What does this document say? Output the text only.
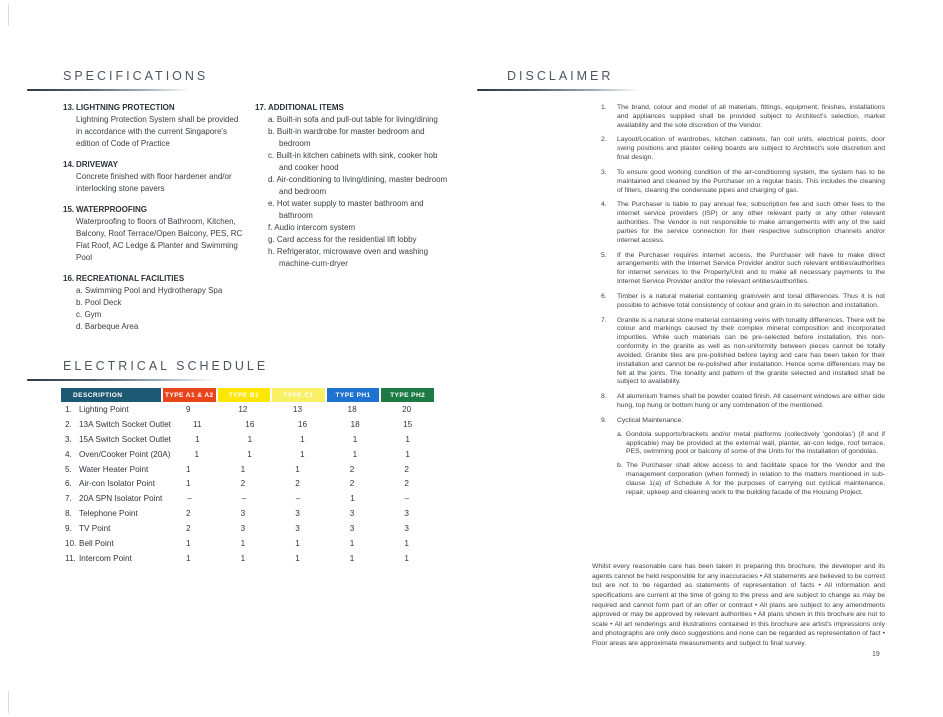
SPECIFICATIONS
13. LIGHTNING PROTECTION
Lightning Protection System shall be provided in accordance with the current Singapore's edition of Code of Practice
14. DRIVEWAY
Concrete finished with floor hardener and/or interlocking stone pavers
15. WATERPROOFING
Waterproofing to floors of Bathroom, Kitchen, Balcony, Roof Terrace/Open Balcony, PES, RC Flat Roof, AC Ledge & Planter and Swimming Pool
16. RECREATIONAL FACILITIES
a. Swimming Pool and Hydrotherapy Spa
b. Pool Deck
c. Gym
d. Barbeque Area
17. ADDITIONAL ITEMS
a. Built-in sofa and pull-out table for living/dining
b. Built-in wardrobe for master bedroom and bedroom
c. Built-in kitchen cabinets with sink, cooker hob and cooker hood
d. Air-conditioning to living/dining, master bedroom and bedroom
e. Hot water supply to master bathroom and bathroom
f. Audio intercom system
g. Card access for the residential lift lobby
h. Refrigerator, microwave oven and washing machine-cum-dryer
ELECTRICAL SCHEDULE
DESCRIPTION	TYPE A1 & A2	TYPE B1	TYPE C1	TYPE PH1	TYPE PH2
1. Lighting Point	9	12	13	18	20
2. 13A Switch Socket Outlet	11	16	16	18	15
3. 15A Switch Socket Outlet	1	1	1	1	1
4. Oven/Cooker Point (20A)	1	1	1	1	1
5. Water Heater Point	1	1	1	2	2
6. Air-con Isolator Point	1	2	2	2	2
7. 20A SPN Isolator Point	–	–	–	1	–
8. Telephone Point	2	3	3	3	3
9. TV Point	2	3	3	3	3
10. Bell Point	1	1	1	1	1
11. Intercom Point	1	1	1	1	1
DISCLAIMER
1.	The brand, colour and model of all materials, fittings, equipment, finishes, installations and appliances supplied shall be provided subject to Architect's selection, market availability and the sole discretion of the Vendor.
2.	Layout/Location of wardrobes, kitchen cabinets, fan coil units, electrical points, door swing positions and plaster ceiling boards are subject to Architect's sole discretion and final design.
3.	To ensure good working condition of the air-conditioning system, the system has to be maintained and cleaned by the Purchaser on a regular basis. This includes the cleaning of filters, clearing the condensate pipes and charging of gas.
4.	The Purchaser is liable to pay annual fee, subscription fee and such other fees to the internet service providers (ISP) or any other relevant party or any other relevant authorities. The Vendor is not responsible to make arrangements with any of the said parties for the service connection for their respective subscription channels and/or internet access.
5.	If the Purchaser requires internet access, the Purchaser will have to make direct arrangements with the Internet Service Provider and/or such relevant entities/authorities for internet services to the Property/Unit and to make all necessary payments to the Internet Service Provider and/or the relevant entities/authorities.
6.	Timber is a natural material containing grain/vein and tonal differences. Thus it is not possible to achieve total consistency of colour and grain in its selection and installation.
7.	Granite is a natural stone material containing veins with tonality differences. There will be colour and markings caused by their complex mineral composition and incorporated impurities. While such materials can be pre-selected before installation, this non-conformity in the granite as well as non-uniformity between pieces cannot be totally avoided. Granite tiles are pre-polished before laying and care has been taken for their installation and cannot be re-polished after installation. Hence some differences may be felt at the joints. The tonality and pattern of the granite selected and installed shall be subject to availability.
8.	All aluminium frames shall be powder coated finish. All casement windows are either side hung, top hung or bottom hung or any combination of the mentioned.
9.	Cyclical Maintenance:
a. Gondola supports/brackets and/or metal platforms (collectively 'gondolas') (if and if applicable) may be provided at the external wall, planter, air-con ledge, roof terrace, PES, swimming pool or balcony of some of the Units for the installation of gondolas.
b. The Purchaser shall allow access to and facilitate space for the Vendor and the management corporation (when formed) in relation to the matters mentioned in sub-clause 1(a) of Schedule A for the purposes of carrying out cyclical maintenance, repair, upkeep and cleaning work to the building facade of the Housing Project.
Whilst every reasonable care has been taken in preparing this brochure, the developer and its agents cannot be held responsible for any inaccuracies • All statements are believed to be correct but are not to be regarded as statements of representation of facts • All information and specifications are current at the time of going to the press and are subject to change as may be required and cannot form part of an offer or contract • All plans are subject to any amendments approved or may be approved by relevant authorities • All plans shown in this brochure are not to scale • All art renderings and illustrations contained in this brochure are artist's impressions only and photographs are only deco suggestions and none can be regarded as representation of fact • Floor areas are approximate measurements and subject to final survey.
19
